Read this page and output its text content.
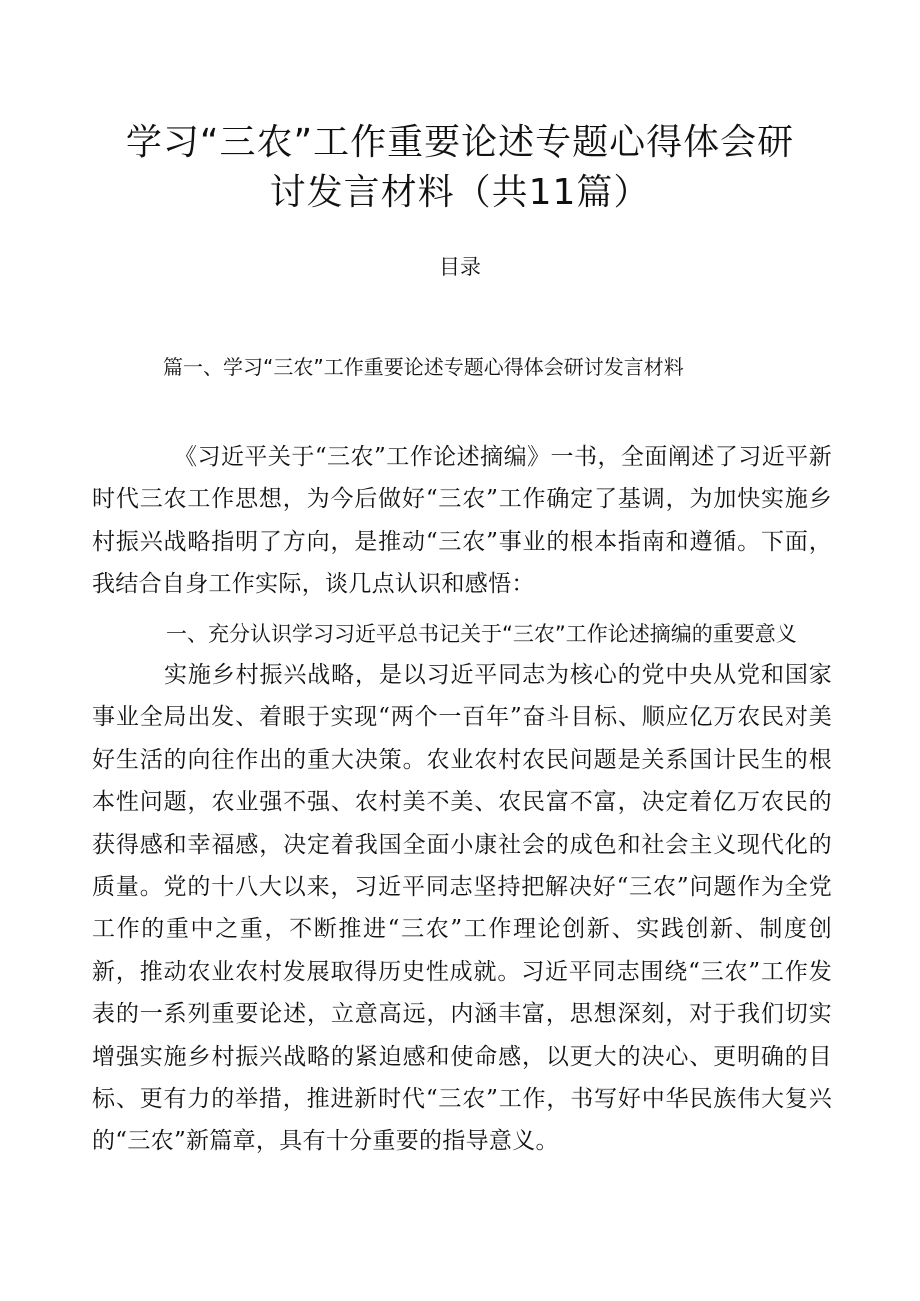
学习“三农”工作重要论述专题心得体会研讨发言材料（共11篇）
目录
篇一、学习“三农”工作重要论述专题心得体会研讨发言材料
《习近平关于“三农”工作论述摘编》一书，全面阐述了习近平新时代三农工作思想，为今后做好“三农”工作确定了基调，为加快实施乡村振兴战略指明了方向，是推动“三农”事业的根本指南和遵循。下面，我结合自身工作实际，谈几点认识和感悟：
一、充分认识学习习近平总书记关于“三农”工作论述摘编的重要意义
实施乡村振兴战略，是以习近平同志为核心的党中央从党和国家事业全局出发、着眼于实现“两个一百年”奋斗目标、顺应亿万农民对美好生活的向往作出的重大决策。农业农村农民问题是关系国计民生的根本性问题，农业强不强、农村美不美、农民富不富，决定着亿万农民的获得感和幸福感，决定着我国全面小康社会的成色和社会主义现代化的质量。党的十八大以来，习近平同志坚持把解决好“三农”问题作为全党工作的重中之重，不断推进“三农”工作理论创新、实践创新、制度创新，推动农业农村发展取得历史性成就。习近平同志围绕“三农”工作发表的一系列重要论述，立意高远，内涵丰富，思想深刻，对于我们切实增强实施乡村振兴战略的紧迫感和使命感，以更大的决心、更明确的目标、更有力的举措，推进新时代“三农”工作，书写好中华民族伟大复兴的“三农”新篇章，具有十分重要的指导意义。
